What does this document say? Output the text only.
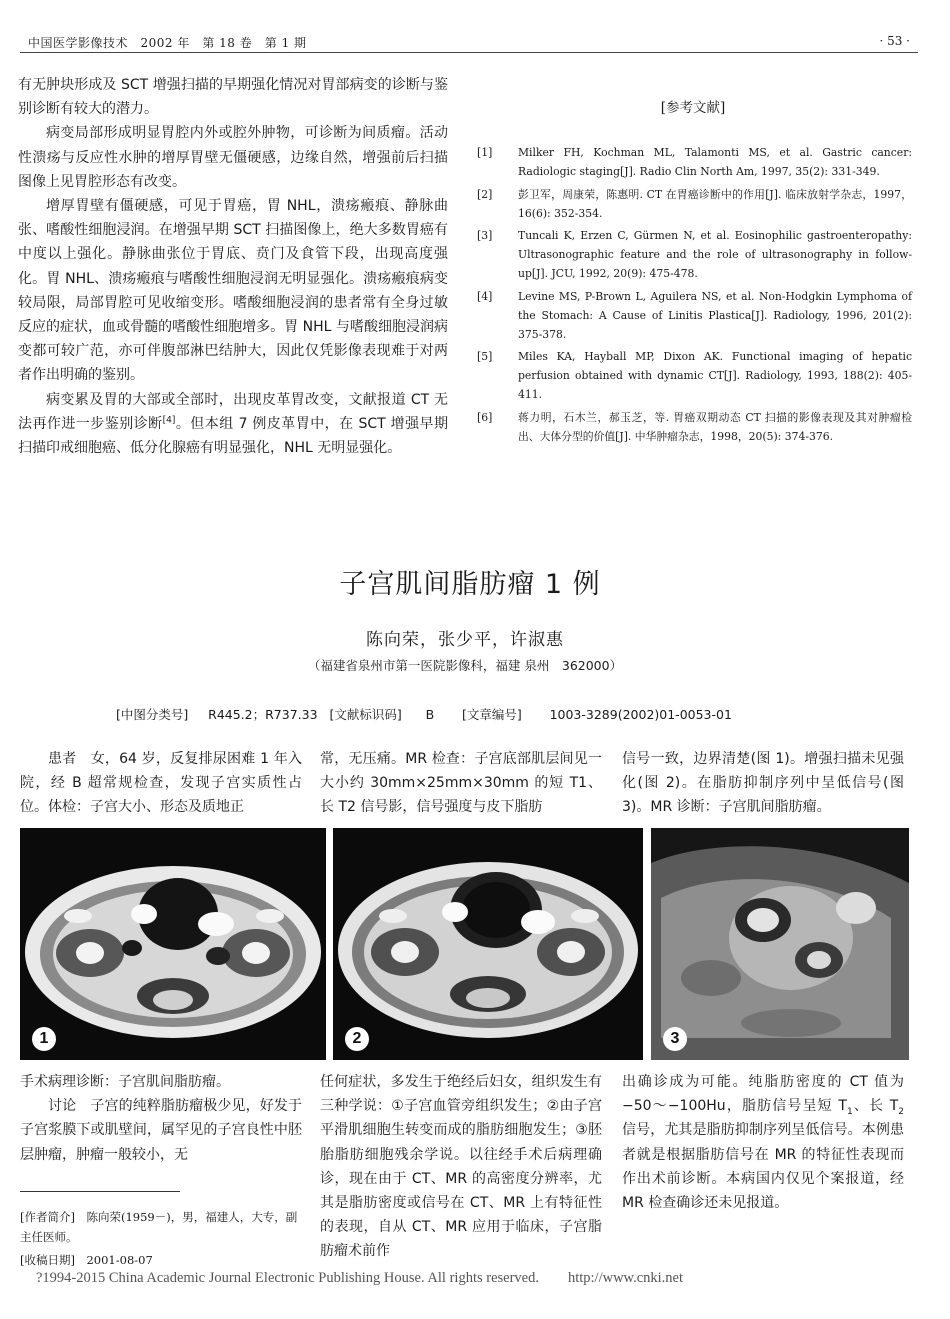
中国医学影像技术　2002 年　第 18 卷　第 1 期	· 53 ·

有无肿块形成及 SCT 增强扫描的早期强化情况对胃部病变的诊断与鉴别诊断有较大的潜力。

病变局部形成明显胃腔内外或腔外肿物，可诊断为间质瘤。活动性溃疡与反应性水肿的增厚胃壁无僵硬感，边缘自然，增强前后扫描图像上见胃腔形态有改变。

增厚胃壁有僵硬感，可见于胃癌，胃 NHL，溃疡瘢痕、静脉曲张、嗜酸性细胞浸润。在增强早期 SCT 扫描图像上，绝大多数胃癌有中度以上强化。静脉曲张位于胃底、贲门及食管下段，出现高度强化。胃 NHL、溃疡瘢痕与嗜酸性细胞浸润无明显强化。溃疡瘢痕病变较局限，局部胃腔可见收缩变形。嗜酸细胞浸润的患者常有全身过敏反应的症状，血或骨髓的嗜酸性细胞增多。胃 NHL 与嗜酸细胞浸润病变都可较广范，亦可伴腹部淋巴结肿大，因此仅凭影像表现难于对两者作出明确的鉴别。

病变累及胃的大部或全部时，出现皮革胃改变，文献报道 CT 无法再作进一步鉴别诊断[4]。但本组 7 例皮革胃中，在 SCT 增强早期扫描印戒细胞癌、低分化腺癌有明显强化，NHL 无明显强化。

[参考文献]
[1] Milker FH, Kochman ML, Talamonti MS, et al. Gastric cancer: Radiologic staging[J]. Radio Clin North Am, 1997, 35(2): 331-349.
[2] 彭卫军，周康荣，陈惠明. CT 在胃癌诊断中的作用[J]. 临床放射学杂志，1997，16(6): 352-354.
[3] Tuncali K, Erzen C, Gürmen N, et al. Eosinophilic gastroenteropathy: Ultrasonographic feature and the role of ultrasonography in follow-up[J]. JCU, 1992, 20(9): 475-478.
[4] Levine MS, P-Brown L, Aguilera NS, et al. Non-Hodgkin Lymphoma of the Stomach: A Cause of Linitis Plastica[J]. Radiology, 1996, 201(2): 375-378.
[5] Miles KA, Hayball MP, Dixon AK. Functional imaging of hepatic perfusion obtained with dynamic CT[J]. Radiology, 1993, 188(2): 405-411.
[6] 蒋力明，石木兰，郝玉芝，等. 胃癌双期动态 CT 扫描的影像表现及其对肿瘤检出、大体分型的价值[J]. 中华肿瘤杂志，1998，20(5): 374-376.
子宫肌间脂肪瘤 1 例
陈向荣，张少平，许淑惠
（福建省泉州市第一医院影像科，福建 泉州　362000）
[中图分类号] R445.2；R737.33 [文献标识码] B [文章编号] 1003-3289(2002)01-0053-01

患者　女，64 岁，反复排尿困难 1 年入院，经 B 超常规检查，发现子宫实质性占位。体检：子宫大小、形态及质地正

常，无压痛。MR 检查：子宫底部肌层间见一大小约 30mm×25mm×30mm 的短 T1、长 T2 信号影，信号强度与皮下脂肪

信号一致，边界清楚(图 1)。增强扫描未见强化(图 2)。在脂肪抑制序列中呈低信号(图 3)。MR 诊断：子宫肌间脂肪瘤。

1	2	3

手术病理诊断：子宫肌间脂肪瘤。

讨论　子宫的纯粹脂肪瘤极少见，好发于子宫浆膜下或肌壁间，属罕见的子宫良性中胚层肿瘤，肿瘤一般较小，无

任何症状，多发生于绝经后妇女，组织发生有三种学说：①子宫血管旁组织发生；②由子宫平滑肌细胞生转变而成的脂肪细胞发生；③胚胎脂肪细胞残余学说。以往经手术后病理确诊，现在由于 CT、MR 的高密度分辨率，尤其是脂肪密度或信号在 CT、MR 上有特征性的表现，自从 CT、MR 应用于临床，子宫脂肪瘤术前作

出确诊成为可能。纯脂肪密度的 CT 值为 −50～−100Hu，脂肪信号呈短 $T_1$、长 $T_2$ 信号，尤其是脂肪抑制序列呈低信号。本例患者就是根据脂肪信号在 MR 的特征性表现而作出术前诊断。本病国内仅见个案报道，经 MR 检查确诊还未见报道。

[作者简介]　陈向荣(1959－)，男，福建人，大专，副主任医师。
[收稿日期]　2001-08-07
?1994-2015 China Academic Journal Electronic Publishing House. All rights reserved.　　http://www.cnki.net
